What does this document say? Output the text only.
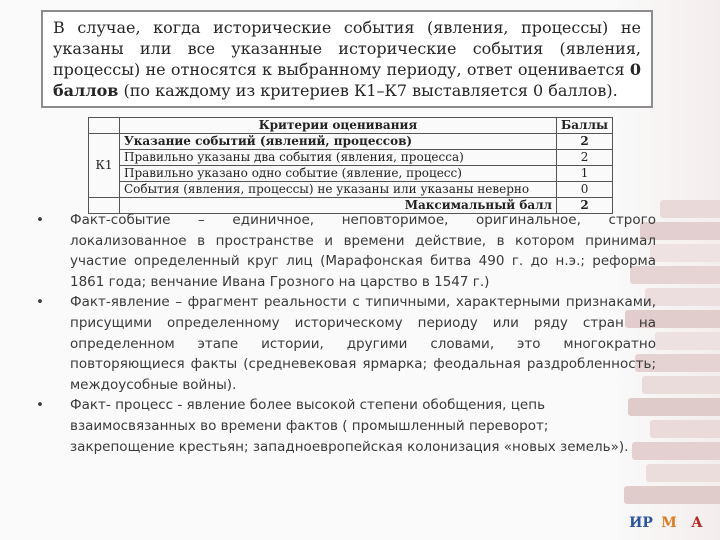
В случае, когда исторические события (явления, процессы) не указаны или все указанные исторические события (явления, процессы) не относятся к выбранному периоду, ответ оценивается 0 баллов (по каждому из критериев К1–К7 выставляется 0 баллов).
	Критерии оценивания	Баллы
К1	Указание событий (явлений, процессов)	2
	Правильно указаны два события (явления, процесса)	2
	Правильно указано одно событие (явление, процесс)	1
	События (явления, процессы) не указаны или указаны неверно	0
	Максимальный балл	2
• Факт-событие – единичное, неповторимое, оригинальное, строго локализованное в пространстве и времени действие, в котором принимал участие определенный круг лиц (Марафонская битва 490 г. до н.э.; реформа 1861 года; венчание Ивана Грозного на царство в 1547 г.)
• Факт-явление – фрагмент реальности с типичными, характерными признаками, присущими определенному историческому периоду или ряду стран на определенном этапе истории, другими словами, это многократно повторяющиеся факты (средневековая ярмарка; феодальная раздробленность; междоусобные войны).
• Факт- процесс - явление более высокой степени обобщения, цепь взаимосвязанных во времени фактов ( промышленный переворот; закрепощение крестьян; западноевропейская колонизация «новых земель»).
ИР М	А
